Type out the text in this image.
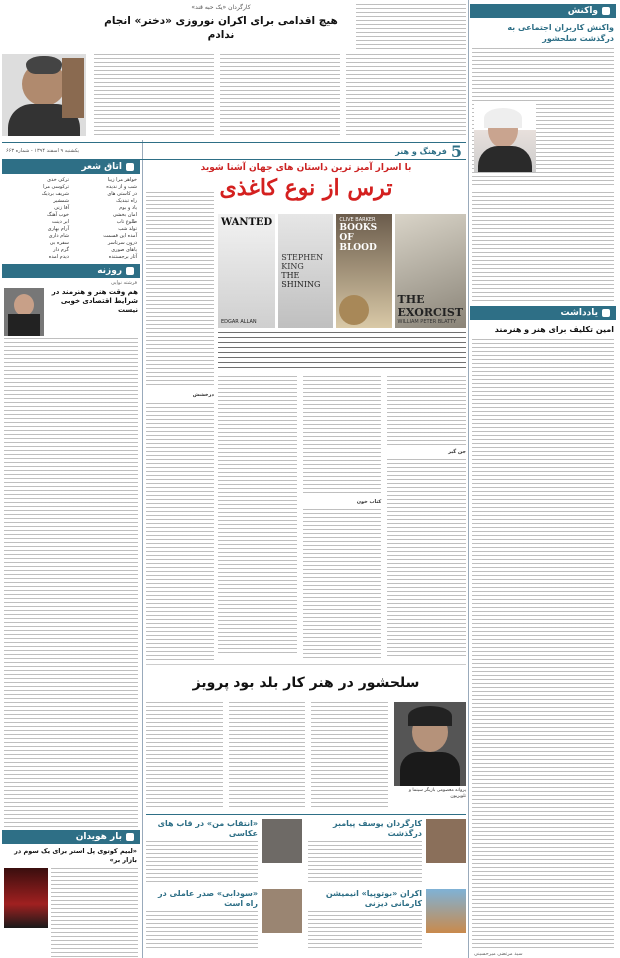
واکنش
واکنش کاربران اجتماعی به درگذشت سلحشور
یادداشت
امین تکلیف برای هنر و هنرمند
سید مرتضی میرحسینی
کارگردان «یک حبه قند»
هیچ اقدامی برای اکران نوروزی «دختر» انجام ندادم
5
فرهنگ و هنر
یکشنبه ۹ اسفند ۱۳۹۴ - شماره ۶۶۳
اتاق شعر
خواهر مرا زیبا
ترکی خدی
شب و از ندیده
ترکوسی مرا
در کاستی های
شریف بردیک
راه تبندیک
شمشیر
یاد و بوم
آقا زنی
امان بخشی
خوب آهنگ
طلوع تاب
ابر دینت
تولد شب
آرام بهاری
آمده این قسمت
شام داری
درون سرتاسر
سفره بی
پاهای صوری
گرم دار
آثار برجستنده
دیدم امده
روزنه
فرشته نوایی
هم وقت هنر و هنرمند در شرایط اقتصادی خوبی نیست
بار هویدان
«لبیم کوتوی پل استر برای یک سوم در بازار بر»
با اسرار آمیز ترین داستان های جهان آشنا شوید
ترس از نوع کاغذی
THE EXORCIST
WILLIAM PETER BLATTY
CLIVE BARKER
BOOKS OF BLOOD
STEPHEN KING
THE SHINING
WANTED
EDGAR ALLAN
درخشش
جن گیر
کتاب خون
سلحشور در هنر کار بلد بود
پرویز
پروانه معصومی بازیگر سینما و تلویزیون
کارگردان یوسف پیامبر درگذشت
«انتقاب من» در قاب های عکاسی
اکران «بوتوپیا» انیمیشن کارمانی دیزنی
«سودابی» صدر عاملی در راه است
